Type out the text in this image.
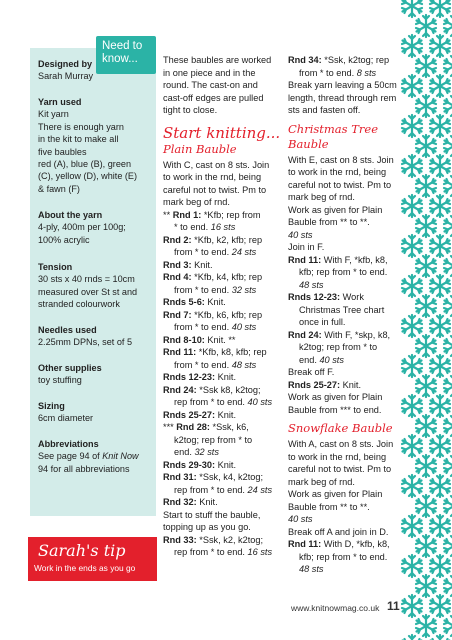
Need to
know...
Designed by

Sarah Murray

Yarn used

Kit yarn
There is enough yarn
in the kit to make all
five baubles
red (A), blue (B), green
(C), yellow (D), white (E)
& fawn (F)

About the yarn

4-ply, 400m per 100g;
100% acrylic

Tension

30 sts x 40 rnds = 10cm
measured over St st and
stranded colourwork

Needles used

2.25mm DPNs, set of 5

Other supplies

toy stuffing

Sizing

6cm diameter

Abbreviations

See page 94 of Knit Now

94 for all abbreviations

Sarah's tip
Work in the ends as you go
These baubles are worked
in one piece and in the
round. The cast-on and
cast-off edges are pulled
tight to close.
Start knitting...
Plain Bauble
With C, cast on 8 sts. Join
to work in the rnd, being
careful not to twist. Pm to
mark beg of rnd.
** Rnd 1: *Kfb; rep from
* to end. 16 sts
Rnd 2: *Kfb, k2, kfb; rep
from * to end. 24 sts
Rnd 3: Knit.
Rnd 4: *Kfb, k4, kfb; rep
from * to end. 32 sts
Rnds 5-6: Knit.
Rnd 7: *Kfb, k6, kfb; rep
from * to end. 40 sts
Rnd 8-10: Knit. **
Rnd 11: *Kfb, k8, kfb; rep
from * to end. 48 sts
Rnds 12-23: Knit.
Rnd 24: *Ssk k8, k2tog;
rep from * to end. 40 sts
Rnds 25-27: Knit.
*** Rnd 28: *Ssk, k6,
k2tog; rep from * to
end. 32 sts
Rnds 29-30: Knit.
Rnd 31: *Ssk, k4, k2tog;
rep from * to end. 24 sts
Rnd 32: Knit.
Start to stuff the bauble,
topping up as you go.
Rnd 33: *Ssk, k2, k2tog;
rep from * to end. 16 sts
Rnd 34: *Ssk, k2tog; rep
from * to end. 8 sts
Break yarn leaving a 50cm
length, thread through rem
sts and fasten off.
Christmas Tree Bauble
With E, cast on 8 sts. Join
to work in the rnd, being
careful not to twist. Pm to
mark beg of rnd.
Work as given for Plain
Bauble from ** to **.
40 sts
Join in F.
Rnd 11: With F, *kfb, k8,
kfb; rep from * to end.
48 sts
Rnds 12-23: Work
Christmas Tree chart
once in full.
Rnd 24: With F, *skp, k8,
k2tog; rep from * to
end. 40 sts
Break off F.
Rnds 25-27: Knit.
Work as given for Plain
Bauble from *** to end.
Snowflake Bauble
With A, cast on 8 sts. Join
to work in the rnd, being
careful not to twist. Pm to
mark beg of rnd.
Work as given for Plain
Bauble from ** to **.
40 sts
Break off A and join in D.
Rnd 11: With D, *kfb, k8,
kfb; rep from * to end.
48 sts
www.knitnowmag.co.uk 11
